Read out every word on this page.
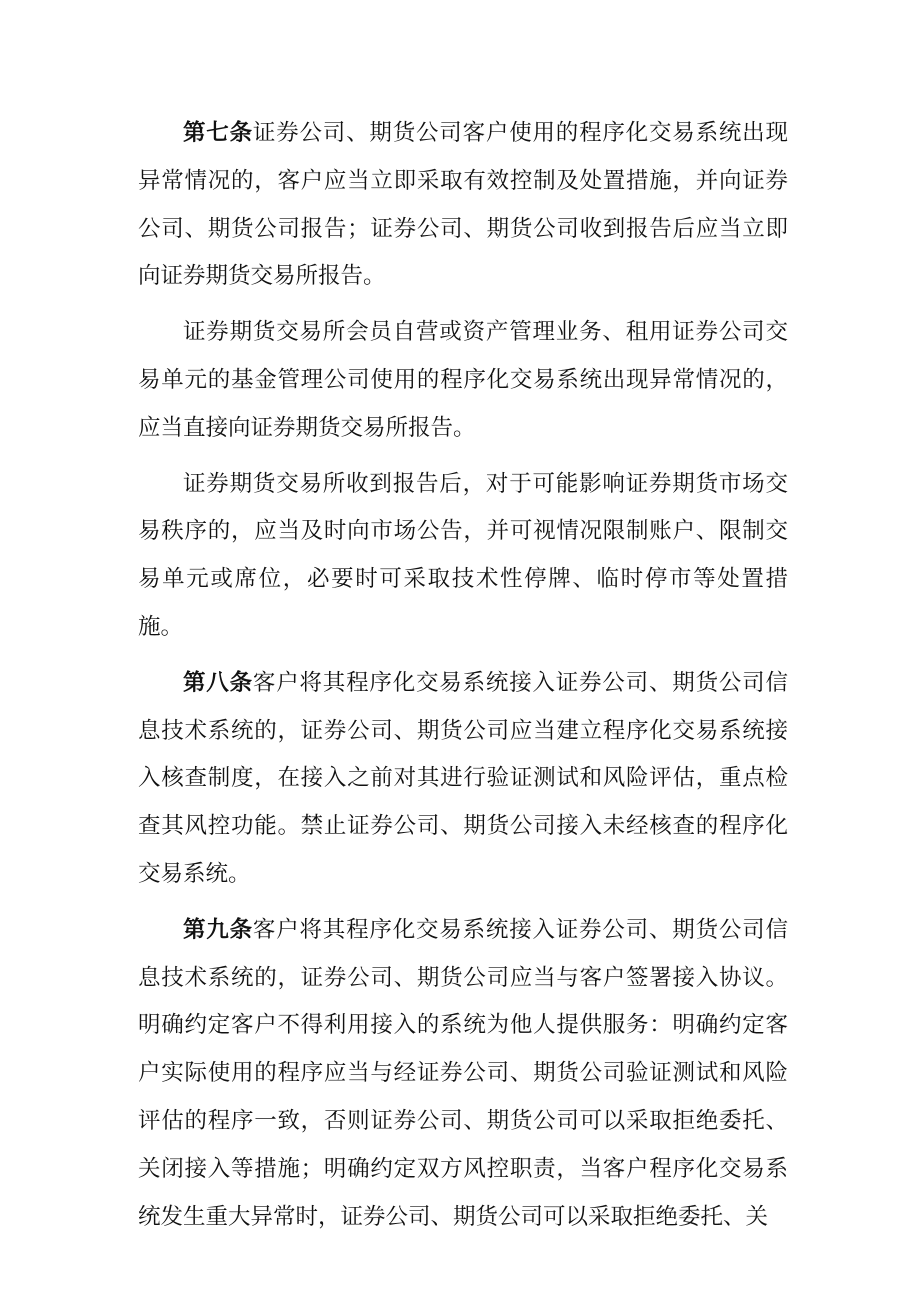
第七条证券公司、期货公司客户使用的程序化交易系统出现异常情况的，客户应当立即采取有效控制及处置措施，并向证券公司、期货公司报告；证券公司、期货公司收到报告后应当立即向证券期货交易所报告。

证券期货交易所会员自营或资产管理业务、租用证券公司交易单元的基金管理公司使用的程序化交易系统出现异常情况的，应当直接向证券期货交易所报告。

证券期货交易所收到报告后，对于可能影响证券期货市场交易秩序的，应当及时向市场公告，并可视情况限制账户、限制交易单元或席位，必要时可采取技术性停牌、临时停市等处置措施。

第八条客户将其程序化交易系统接入证券公司、期货公司信息技术系统的，证券公司、期货公司应当建立程序化交易系统接入核查制度，在接入之前对其进行验证测试和风险评估，重点检查其风控功能。禁止证券公司、期货公司接入未经核查的程序化交易系统。

第九条客户将其程序化交易系统接入证券公司、期货公司信息技术系统的，证券公司、期货公司应当与客户签署接入协议。明确约定客户不得利用接入的系统为他人提供服务：明确约定客户实际使用的程序应当与经证券公司、期货公司验证测试和风险评估的程序一致，否则证券公司、期货公司可以采取拒绝委托、关闭接入等措施；明确约定双方风控职责，当客户程序化交易系统发生重大异常时，证券公司、期货公司可以采取拒绝委托、关
